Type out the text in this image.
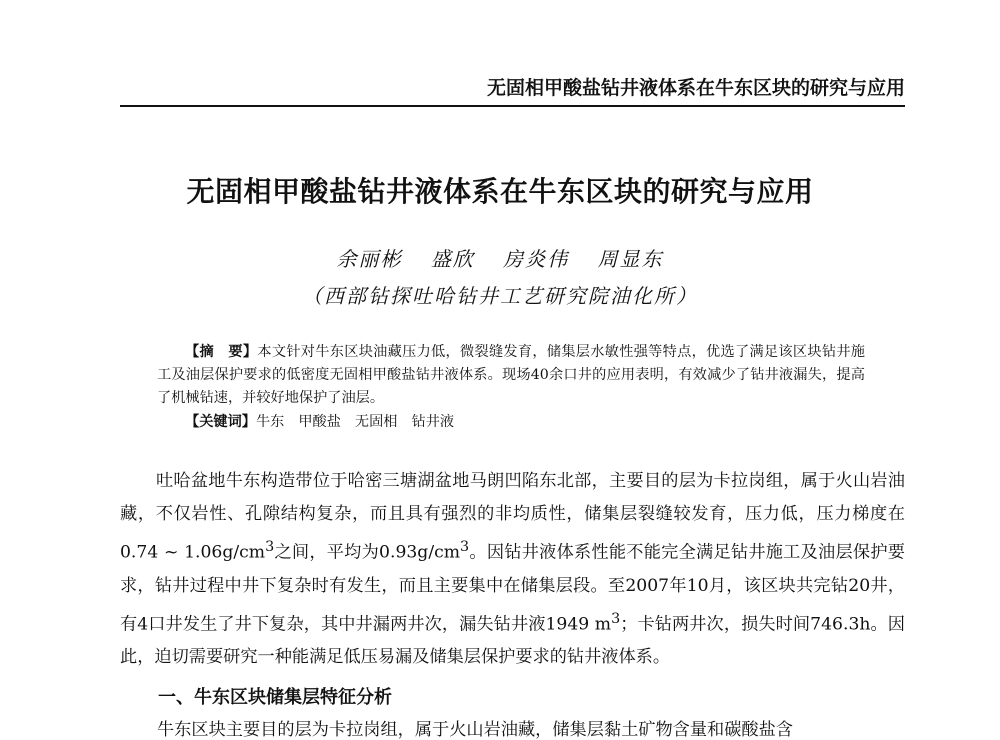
无固相甲酸盐钻井液体系在牛东区块的研究与应用
无固相甲酸盐钻井液体系在牛东区块的研究与应用
余丽彬 盛欣 房炎伟 周显东
（西部钻探吐哈钻井工艺研究院油化所）
【摘　要】本文针对牛东区块油藏压力低，微裂缝发育，储集层水敏性强等特点，优选了满足该区块钻井施工及油层保护要求的低密度无固相甲酸盐钻井液体系。现场40余口井的应用表明，有效减少了钻井液漏失，提高了机械钻速，并较好地保护了油层。
【关键词】牛东 甲酸盐 无固相 钻井液
吐哈盆地牛东构造带位于哈密三塘湖盆地马朗凹陷东北部，主要目的层为卡拉岗组，属于火山岩油藏，不仅岩性、孔隙结构复杂，而且具有强烈的非均质性，储集层裂缝较发育，压力低，压力梯度在0.74 ~ $1.06g/cm^3$之间，平均为$0.93g/cm^3$。因钻井液体系性能不能完全满足钻井施工及油层保护要求，钻井过程中井下复杂时有发生，而且主要集中在储集层段。至2007年10月，该区块共完钻20井，有4口井发生了井下复杂，其中井漏两井次，漏失钻井液1949 $m^3$；卡钻两井次，损失时间746.3h。因此，迫切需要研究一种能满足低压易漏及储集层保护要求的钻井液体系。
一、牛东区块储集层特征分析
牛东区块主要目的层为卡拉岗组，属于火山岩油藏，储集层黏土矿物含量和碳酸盐含
